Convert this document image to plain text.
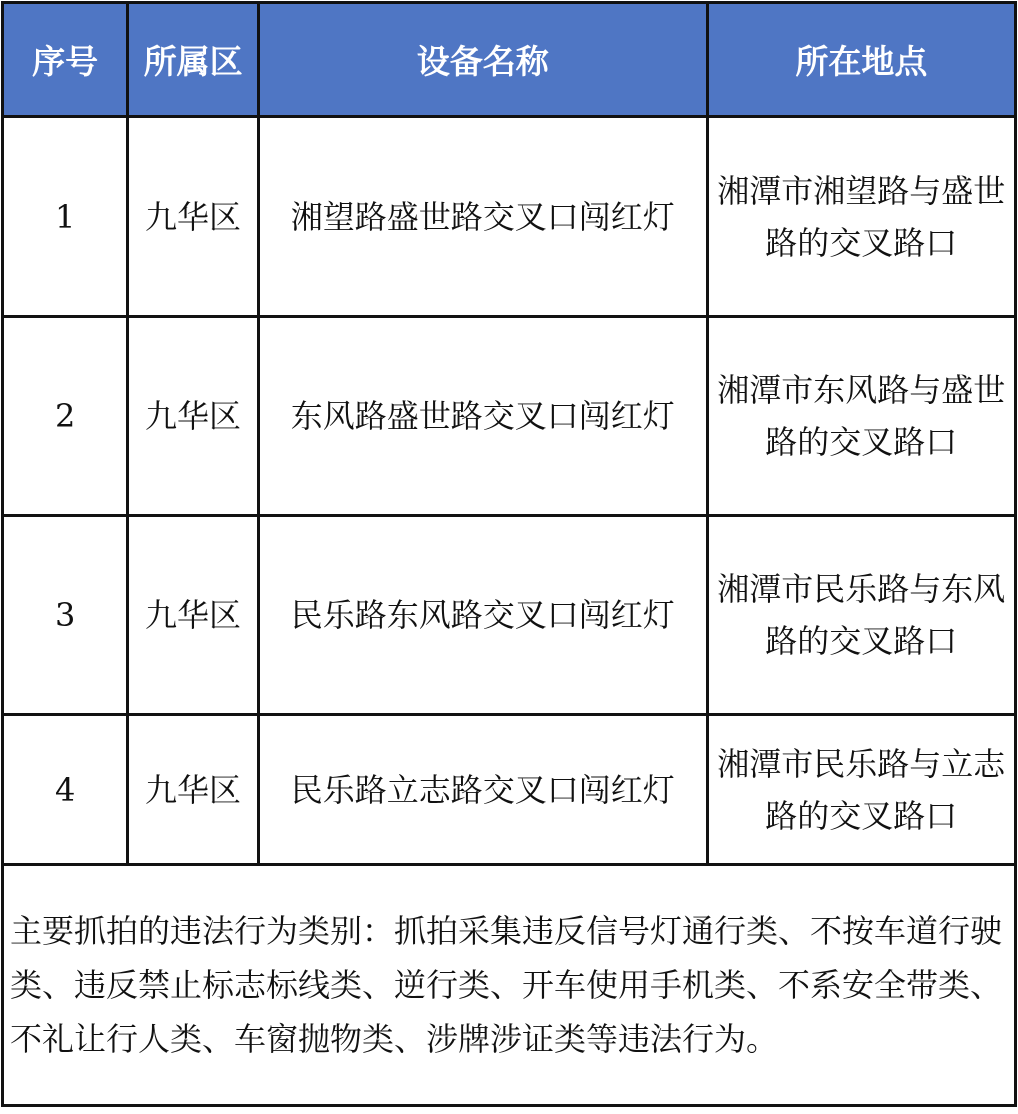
序号	所属区	设备名称	所在地点
1	九华区	湘望路盛世路交叉口闯红灯	湘潭市湘望路与盛世路的交叉路口
2	九华区	东风路盛世路交叉口闯红灯	湘潭市东风路与盛世路的交叉路口
3	九华区	民乐路东风路交叉口闯红灯	湘潭市民乐路与东风路的交叉路口
4	九华区	民乐路立志路交叉口闯红灯	湘潭市民乐路与立志路的交叉路口
主要抓拍的违法行为类别：抓拍采集违反信号灯通行类、不按车道行驶类、违反禁止标志标线类、逆行类、开车使用手机类、不系安全带类、不礼让行人类、车窗抛物类、涉牌涉证类等违法行为。			
